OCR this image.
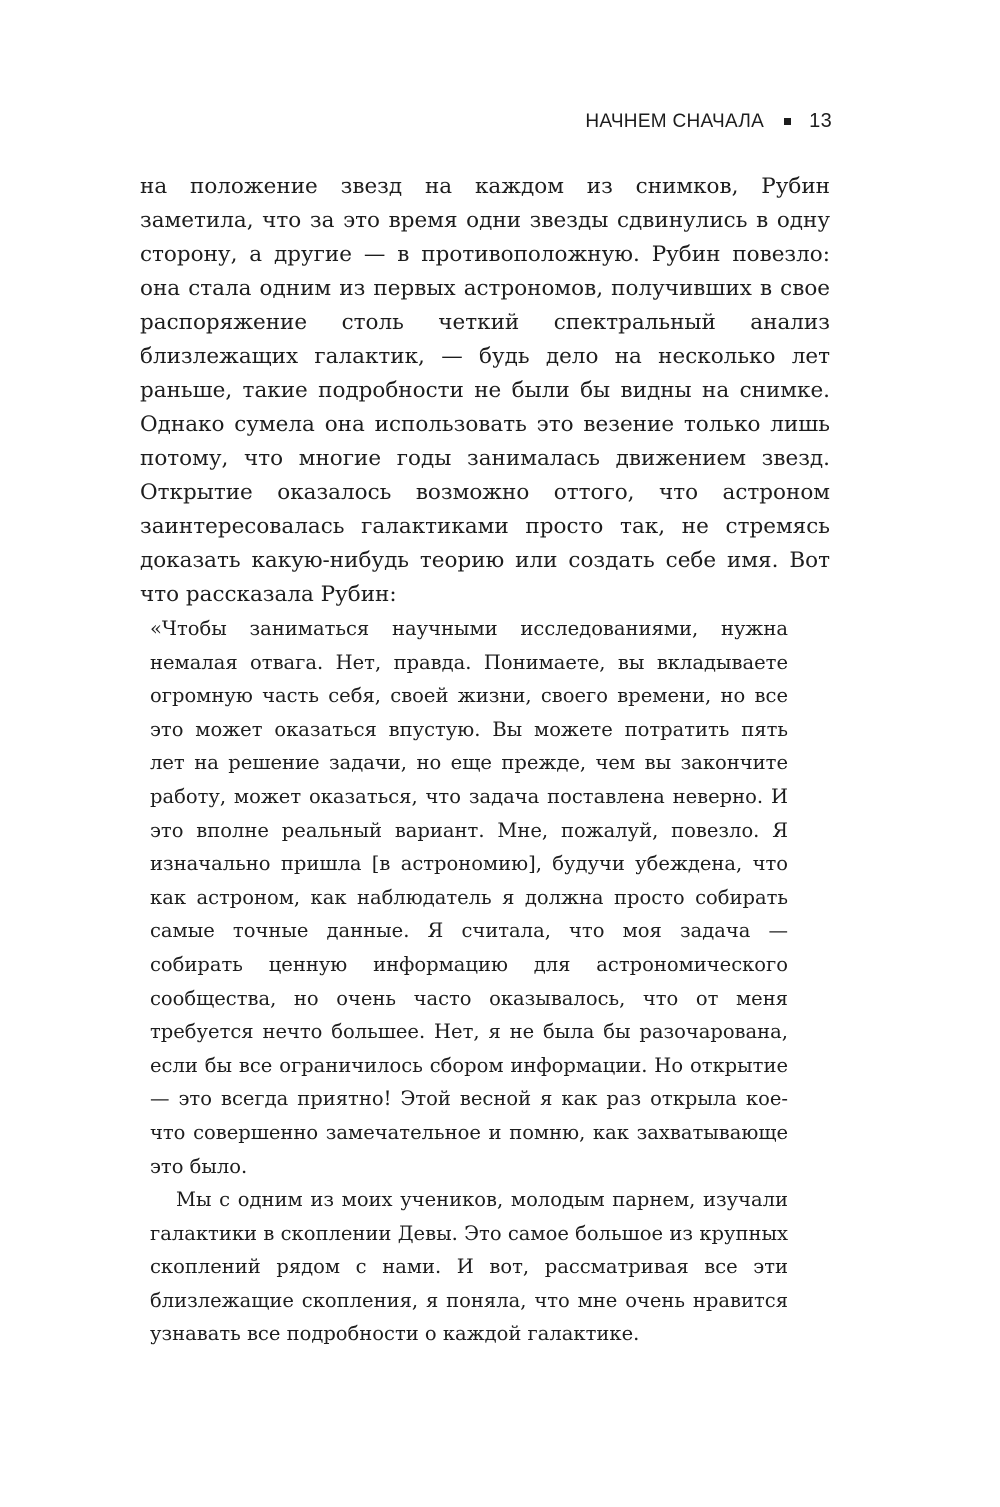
НАЧНЕМ СНАЧАЛА 13

на положение звезд на каждом из снимков, Рубин заметила, что за это время одни звезды сдвинулись в одну сторону, а другие — в противоположную. Рубин повезло: она стала одним из первых астрономов, получивших в свое распоряжение столь четкий спектральный анализ близлежащих галактик, — будь дело на несколько лет раньше, такие подробности не были бы видны на снимке. Однако сумела она использовать это везение только лишь потому, что многие годы занималась движением звезд. Открытие оказалось возможно оттого, что астроном заинтересовалась галактиками просто так, не стремясь доказать какую-нибудь теорию или создать себе имя. Вот что рассказала Рубин:

«Чтобы заниматься научными исследованиями, нужна немалая отвага. Нет, правда. Понимаете, вы вкладываете огромную часть себя, своей жизни, своего времени, но все это может оказаться впустую. Вы можете потратить пять лет на решение задачи, но еще прежде, чем вы закончите работу, может оказаться, что задача поставлена неверно. И это вполне реальный вариант. Мне, пожалуй, повезло. Я изначально пришла [в астрономию], будучи убеждена, что как астроном, как наблюдатель я должна просто собирать самые точные данные. Я считала, что моя задача — собирать ценную информацию для астрономического сообщества, но очень часто оказывалось, что от меня требуется нечто большее. Нет, я не была бы разочарована, если бы все ограничилось сбором информации. Но открытие — это всегда приятно! Этой весной я как раз открыла кое-что совершенно замечательное и помню, как захватывающе это было.

Мы с одним из моих учеников, молодым парнем, изучали галактики в скоплении Девы. Это самое большое из крупных скоплений рядом с нами. И вот, рассматривая все эти близлежащие скопления, я поняла, что мне очень нравится узнавать все подробности о каждой галактике.
